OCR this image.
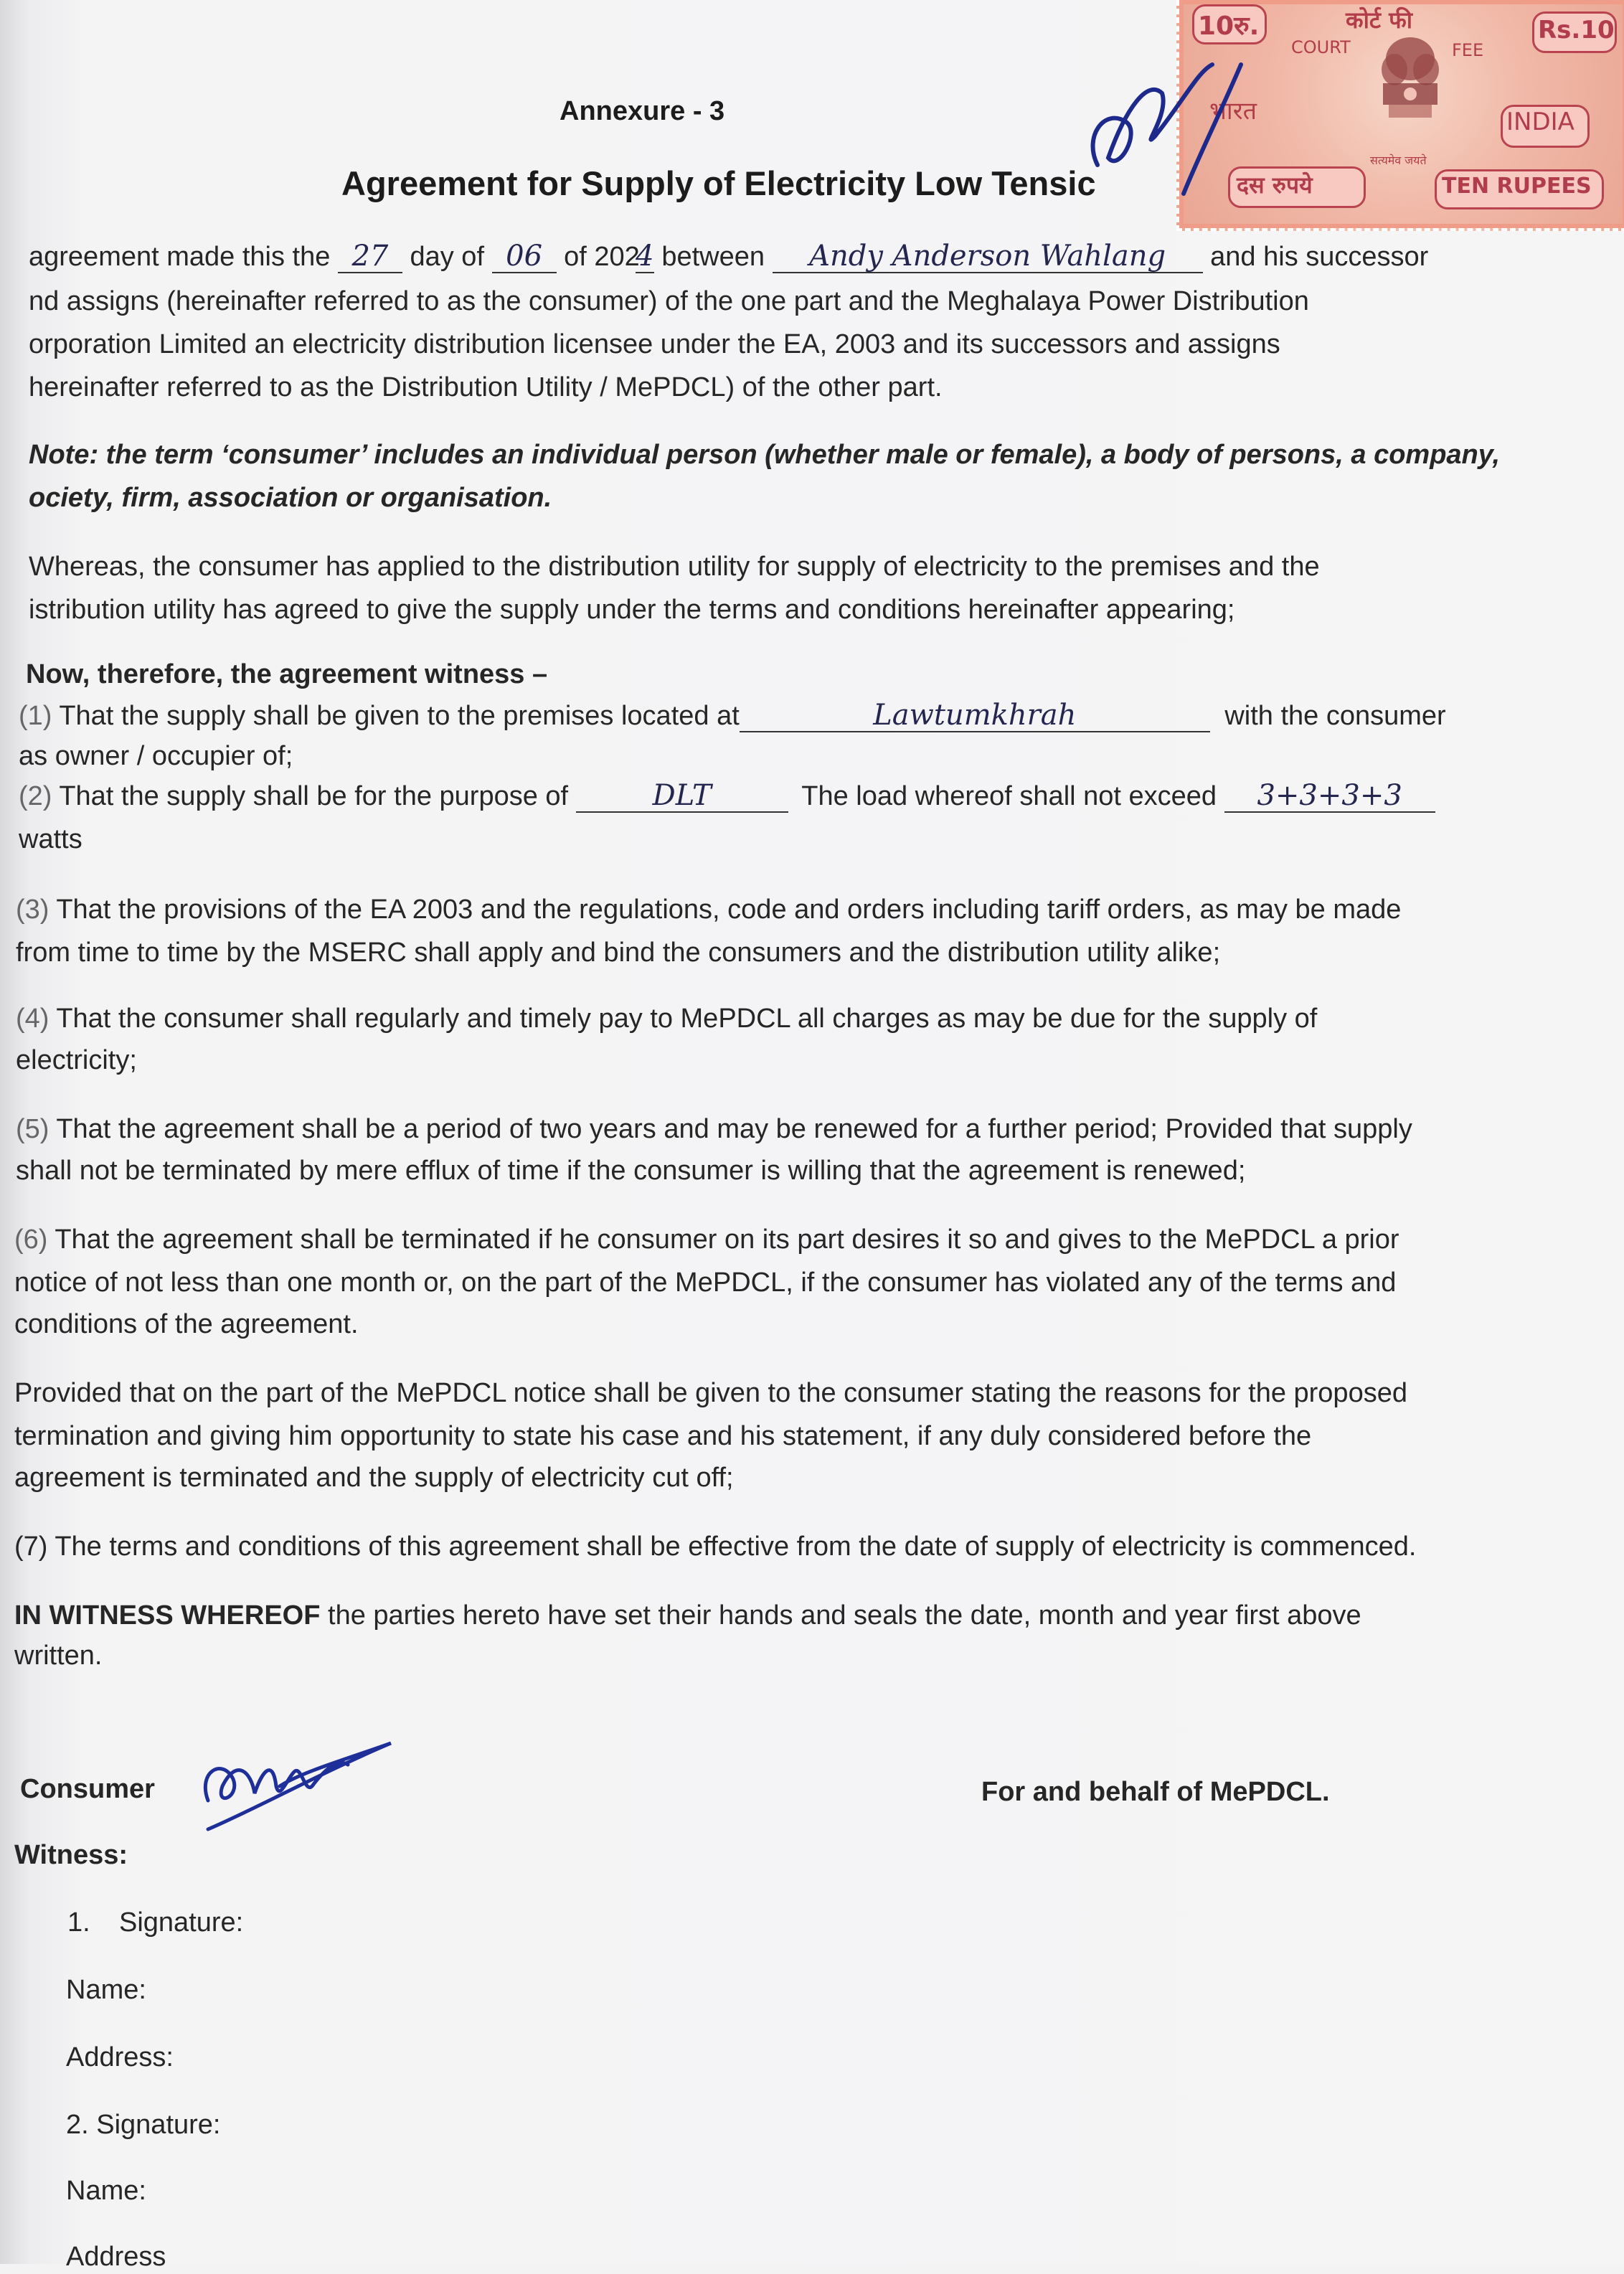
Annexure - 3
Agreement for Supply of Electricity Low Tensic
10रु.	कोर्ट फी	Rs.10
COURT	FEE
भारत	INDIA
सत्यमेव जयते
दस रुपये	TEN RUPEES
agreement made this the 27 day of 06 of 2024 between Andy Anderson Wahlang and his successor
nd assigns (hereinafter referred to as the consumer) of the one part and the Meghalaya Power Distribution
orporation Limited an electricity distribution licensee under the EA, 2003 and its successors and assigns
hereinafter referred to as the Distribution Utility / MePDCL) of the other part.
Note: the term ‘consumer’ includes an individual person (whether male or female), a body of persons, a company,
ociety, firm, association or organisation.
Whereas, the consumer has applied to the distribution utility for supply of electricity to the premises and the
istribution utility has agreed to give the supply under the terms and conditions hereinafter appearing;
Now, therefore, the agreement witness –
(1) That the supply shall be given to the premises located at	Lawtumkhrah	with the consumer
as owner / occupier of;
(2) That the supply shall be for the purpose of	DLT	The load whereof shall not exceed 3+3+3+3
watts
(3) That the provisions of the EA 2003 and the regulations, code and orders including tariff orders, as may be made
from time to time by the MSERC shall apply and bind the consumers and the distribution utility alike;
(4) That the consumer shall regularly and timely pay to MePDCL all charges as may be due for the supply of
electricity;
(5) That the agreement shall be a period of two years and may be renewed for a further period; Provided that supply
shall not be terminated by mere efflux of time if the consumer is willing that the agreement is renewed;
(6) That the agreement shall be terminated if he consumer on its part desires it so and gives to the MePDCL a prior
notice of not less than one month or, on the part of the MePDCL, if the consumer has violated any of the terms and
conditions of the agreement.
Provided that on the part of the MePDCL notice shall be given to the consumer stating the reasons for the proposed
termination and giving him opportunity to state his case and his statement, if any duly considered before the
agreement is terminated and the supply of electricity cut off;
(7) The terms and conditions of this agreement shall be effective from the date of supply of electricity is commenced.
IN WITNESS WHEREOF the parties hereto have set their hands and seals the date, month and year first above
written.
Consumer	For and behalf of MePDCL.
Witness:
1. Signature:
Name:
Address:
2. Signature:
Name:
Address
